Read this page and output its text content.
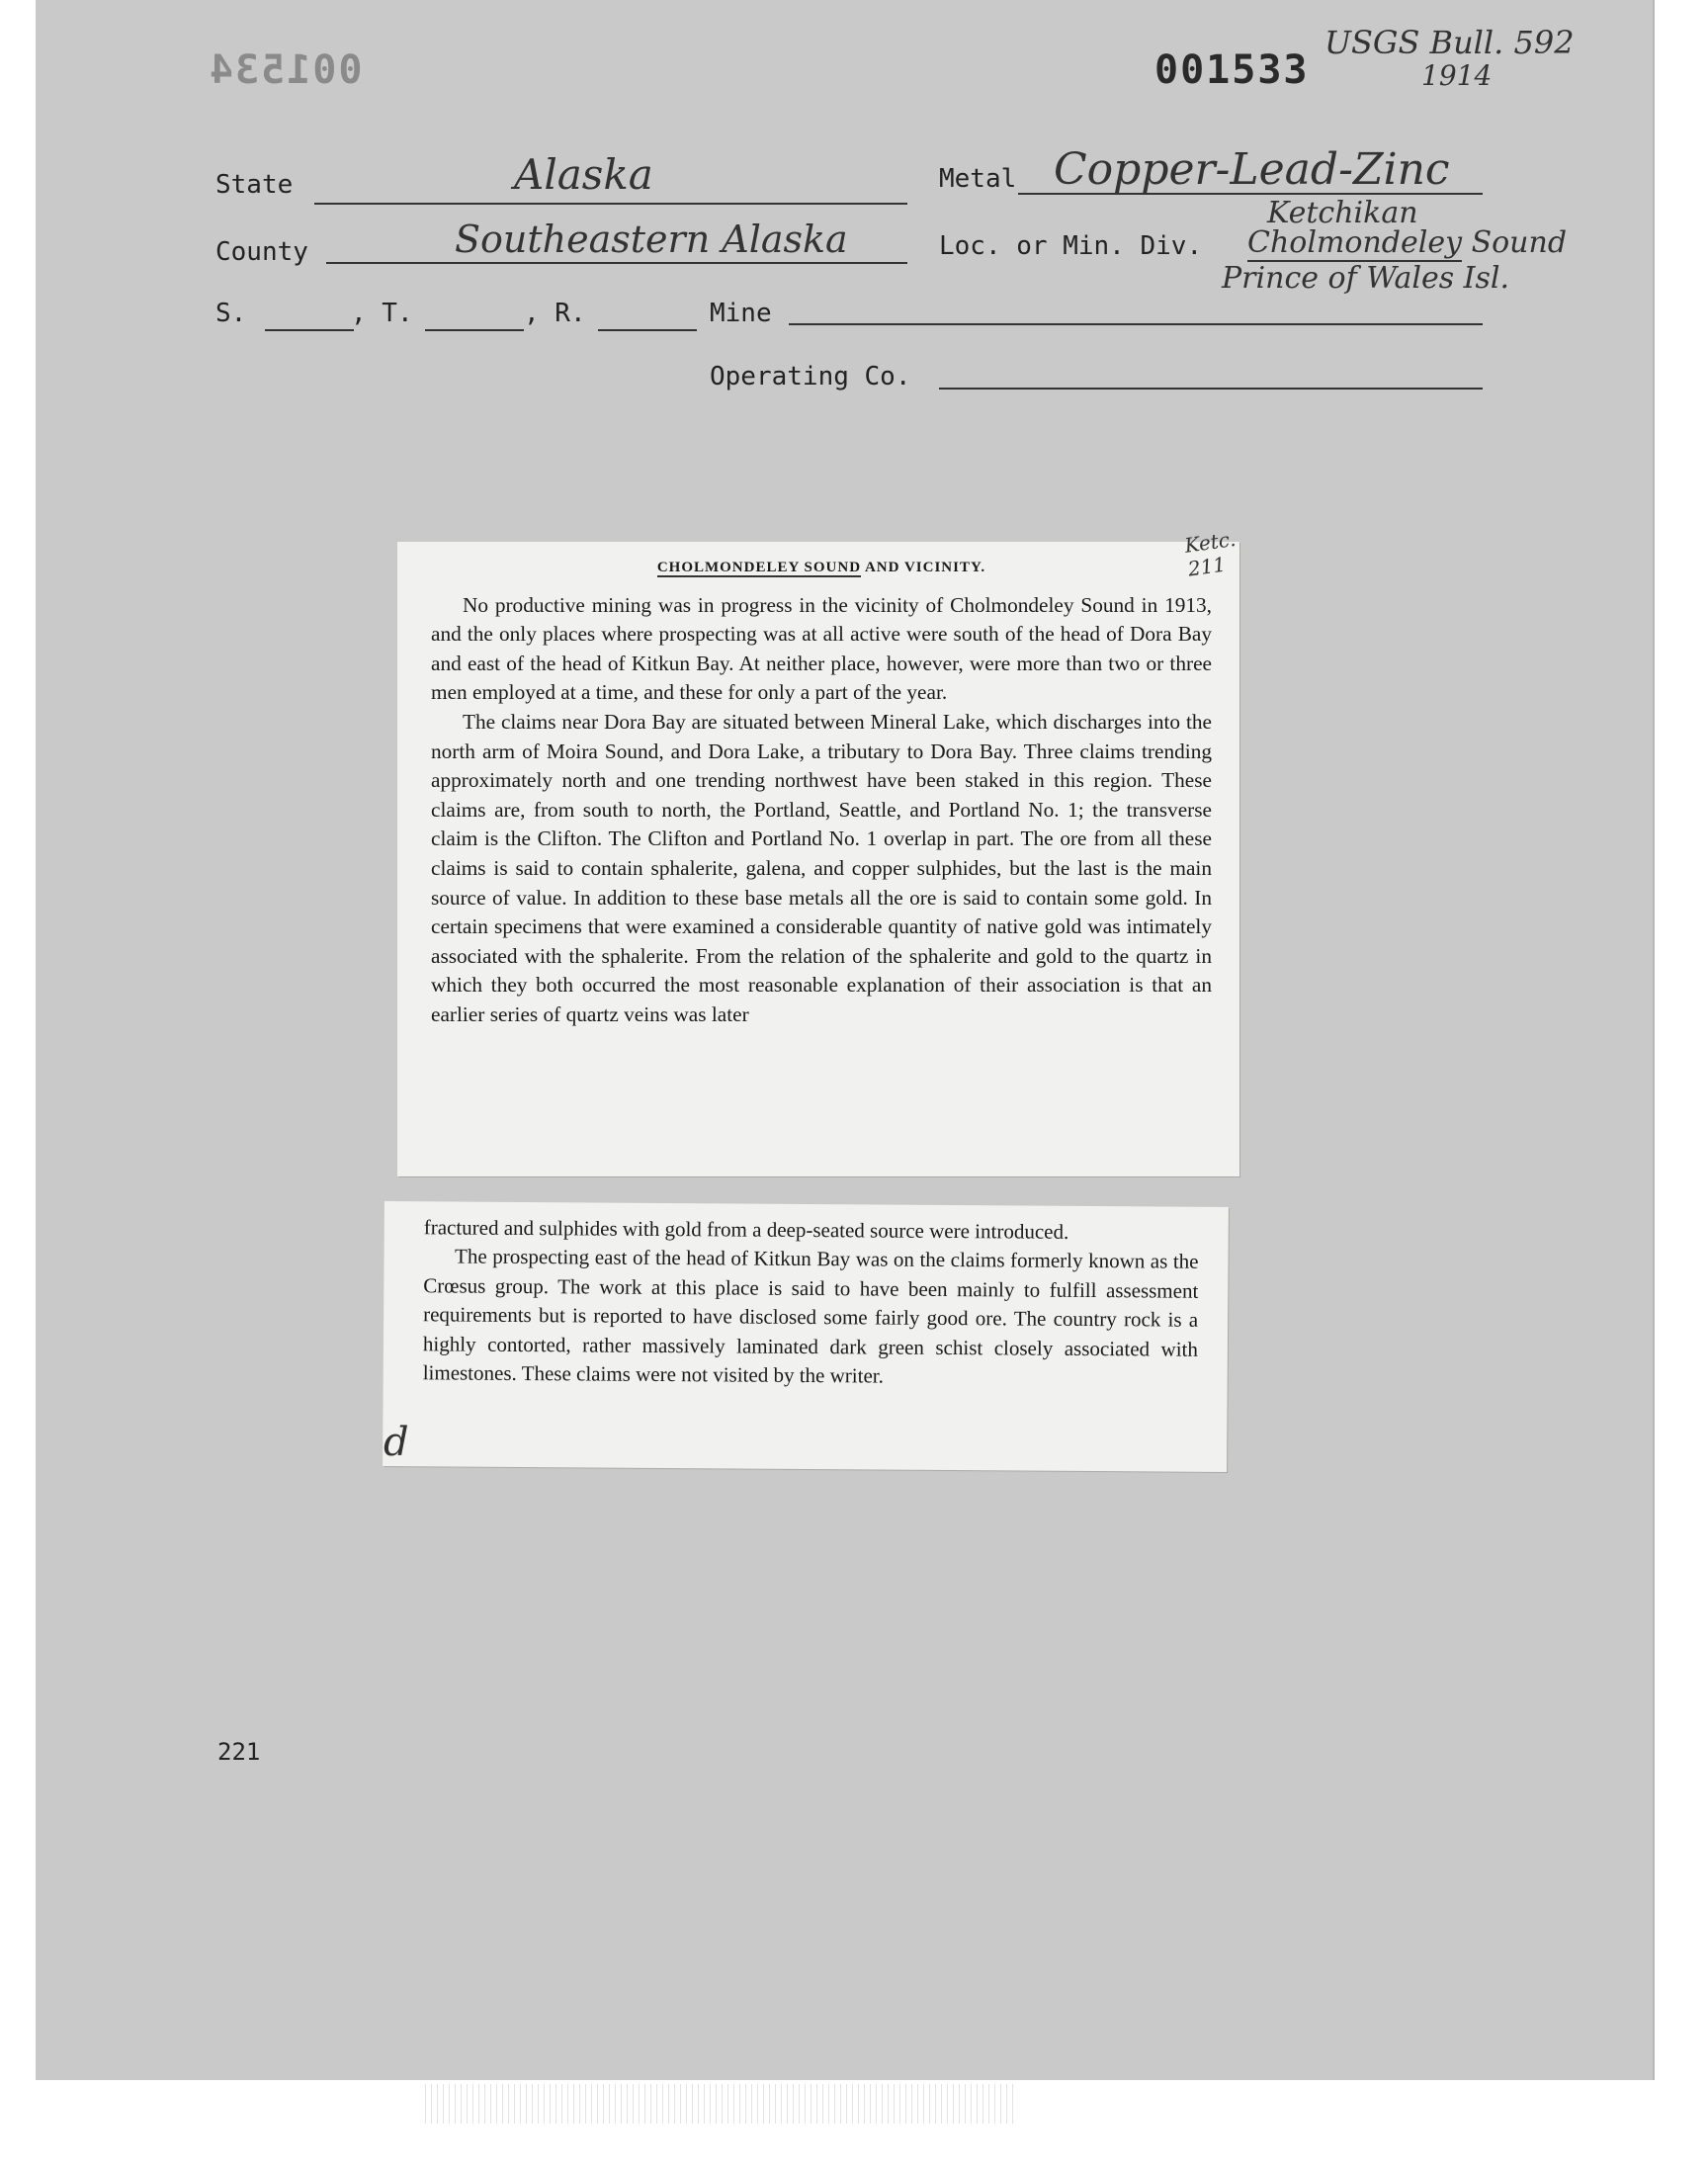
001534	001533
USGS Bull. 592
1914
State	Alaska	Metal Copper-Lead-Zinc
County	Southeastern Alaska	Loc. or Min. Div.
Ketchikan
Cholmondeley Sound
Prince of Wales Isl.
S.	, T.	, R.	Mine
Operating Co.
CHOLMONDELEY SOUND AND VICINITY.

No productive mining was in progress in the vicinity of Cholmondeley Sound in 1913, and the only places where prospecting was at all active were south of the head of Dora Bay and east of the head of Kitkun Bay. At neither place, however, were more than two or three men employed at a time, and these for only a part of the year.

The claims near Dora Bay are situated between Mineral Lake, which discharges into the north arm of Moira Sound, and Dora Lake, a tributary to Dora Bay. Three claims trending approximately north and one trending northwest have been staked in this region. These claims are, from south to north, the Portland, Seattle, and Portland No. 1; the transverse claim is the Clifton. The Clifton and Portland No. 1 overlap in part. The ore from all these claims is said to contain sphalerite, galena, and copper sulphides, but the last is the main source of value. In addition to these base metals all the ore is said to contain some gold. In certain specimens that were examined a considerable quantity of native gold was intimately associated with the sphalerite. From the relation of the sphalerite and gold to the quartz in which they both occurred the most reasonable explanation of their association is that an earlier series of quartz veins was later

Ketc. 211

fractured and sulphides with gold from a deep-seated source were introduced.

The prospecting east of the head of Kitkun Bay was on the claims formerly known as the Crœsus group. The work at this place is said to have been mainly to fulfill assessment requirements but is reported to have disclosed some fairly good ore. The country rock is a highly contorted, rather massively laminated dark green schist closely associated with limestones. These claims were not visited by the writer.

d
221
